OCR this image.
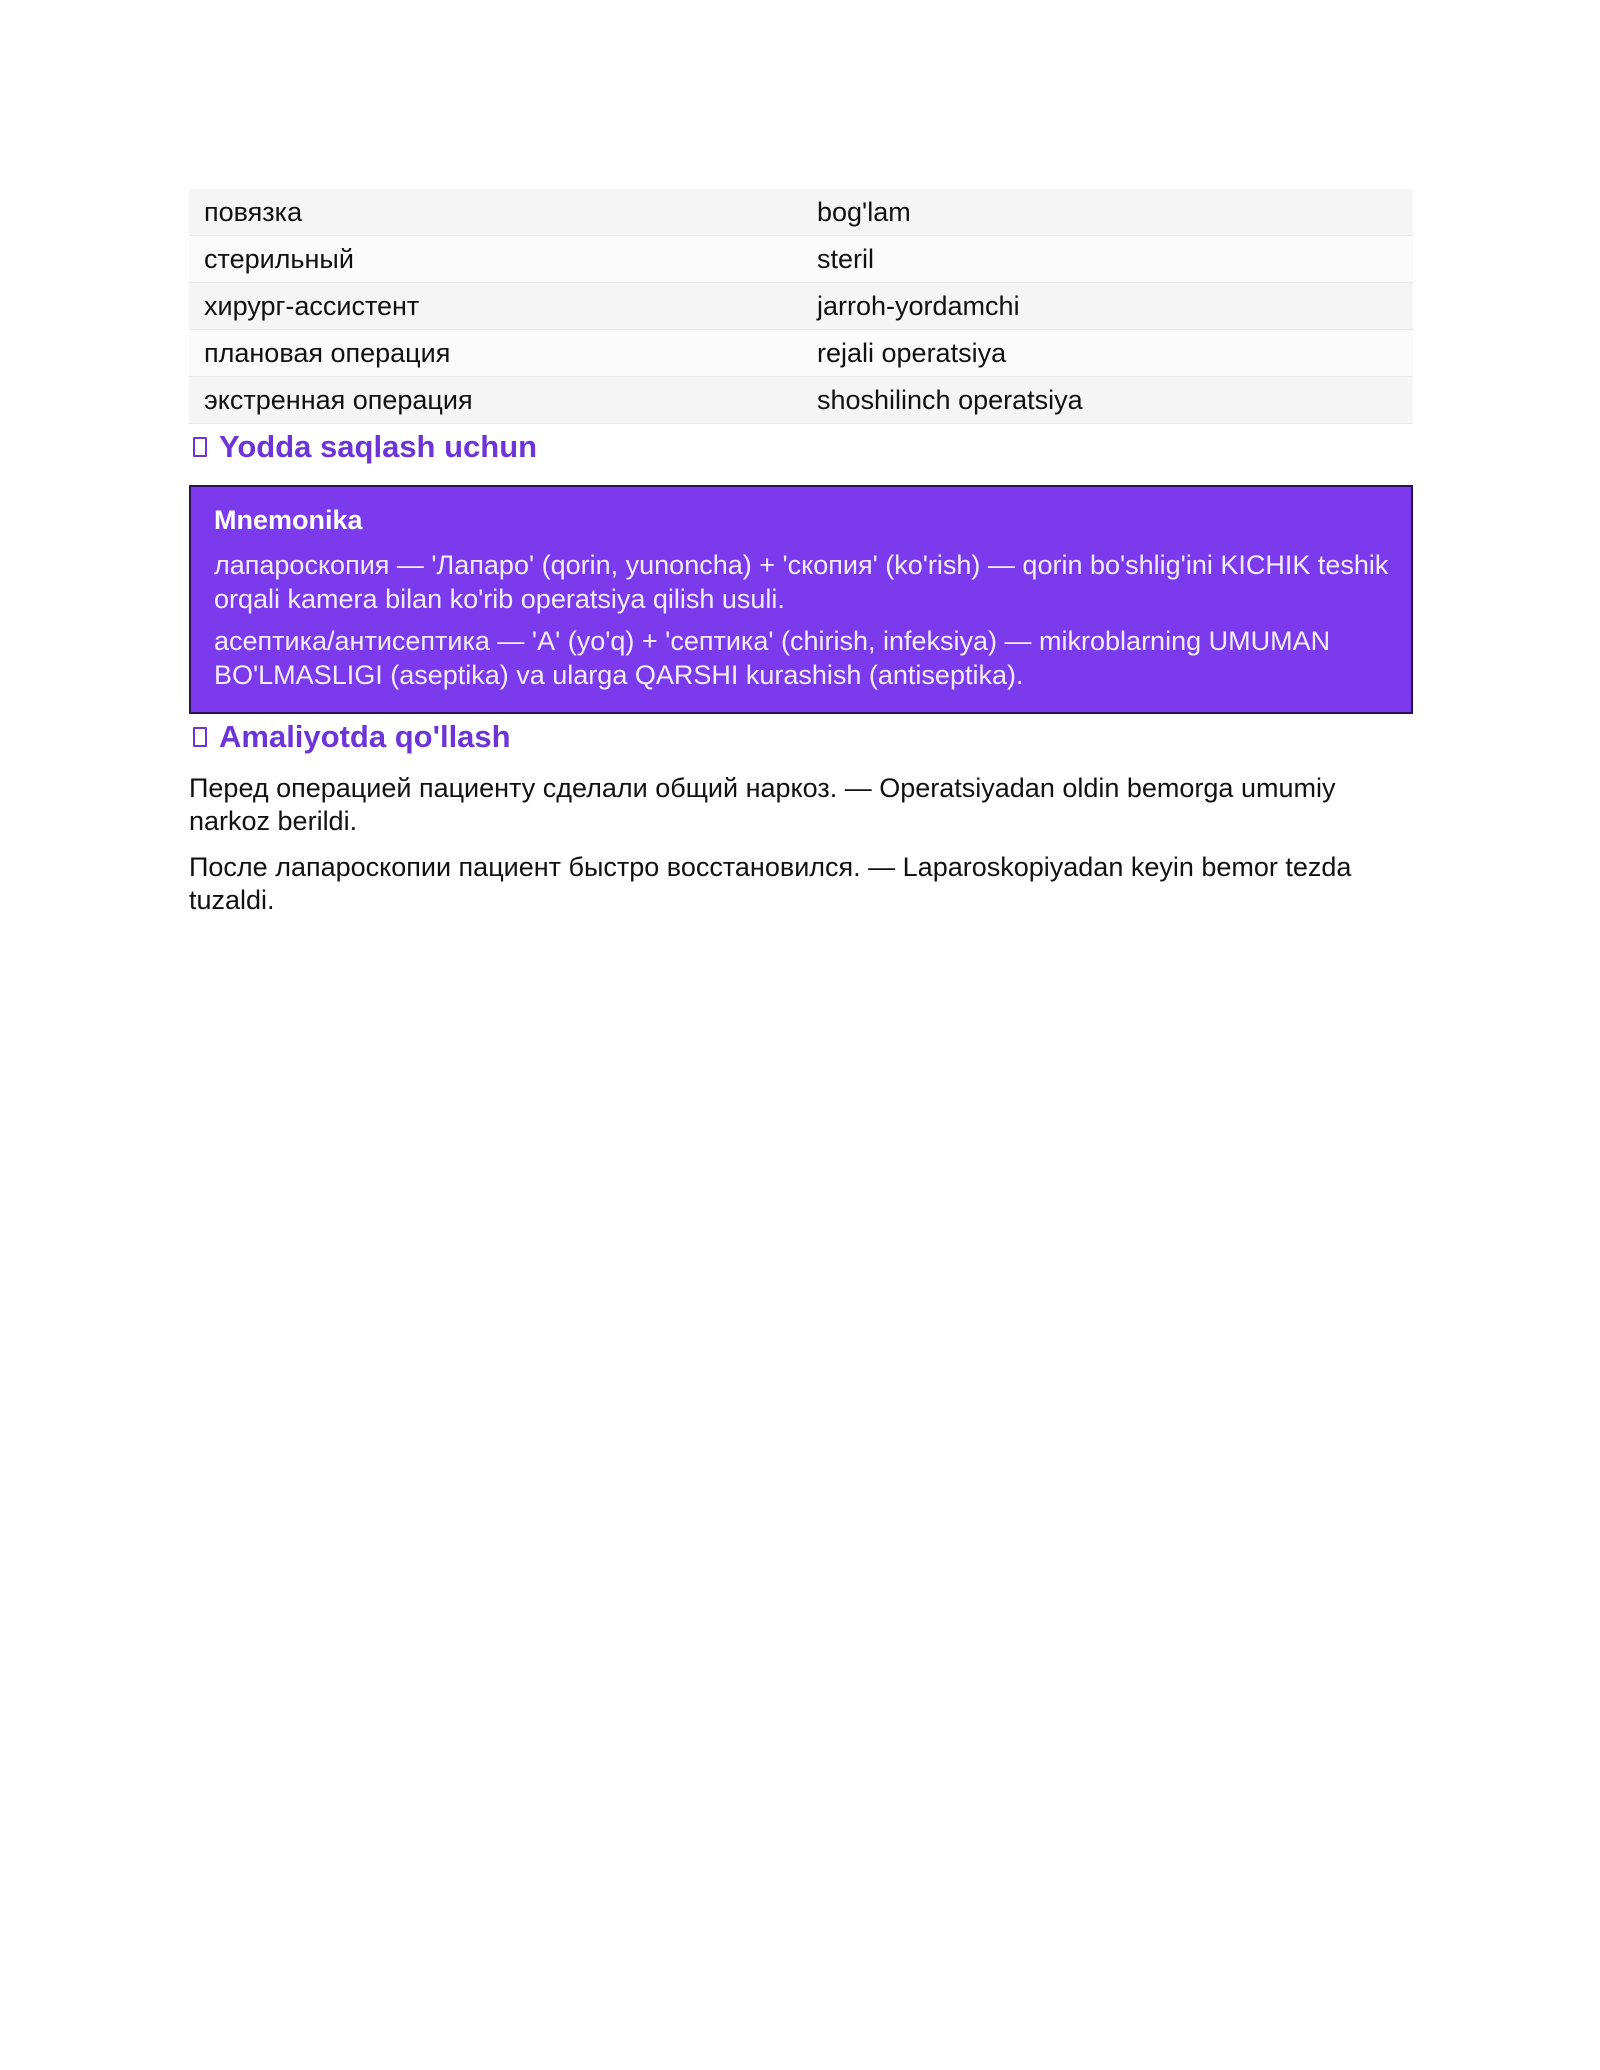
повязка	bog'lam
стерильный	steril
хирург-ассистент	jarroh-yordamchi
плановая операция	rejali operatsiya
экстренная операция	shoshilinch operatsiya
Yodda saqlash uchun
Mnemonika
лапароскопия — 'Лапаро' (qorin, yunoncha) + 'скопия' (ko'rish) — qorin bo'shlig'ini KICHIK teshik orqali kamera bilan ko'rib operatsiya qilish usuli.
асептика/антисептика — 'А' (yo'q) + 'септика' (chirish, infeksiya) — mikroblarning UMUMAN BO'LMASLIGI (aseptika) va ularga QARSHI kurashish (antiseptika).
Amaliyotda qo'llash

Перед операцией пациенту сделали общий наркоз. — Operatsiyadan oldin bemorga umumiy narkoz berildi.

После лапароскопии пациент быстро восстановился. — Laparoskopiyadan keyin bemor tezda tuzaldi.
